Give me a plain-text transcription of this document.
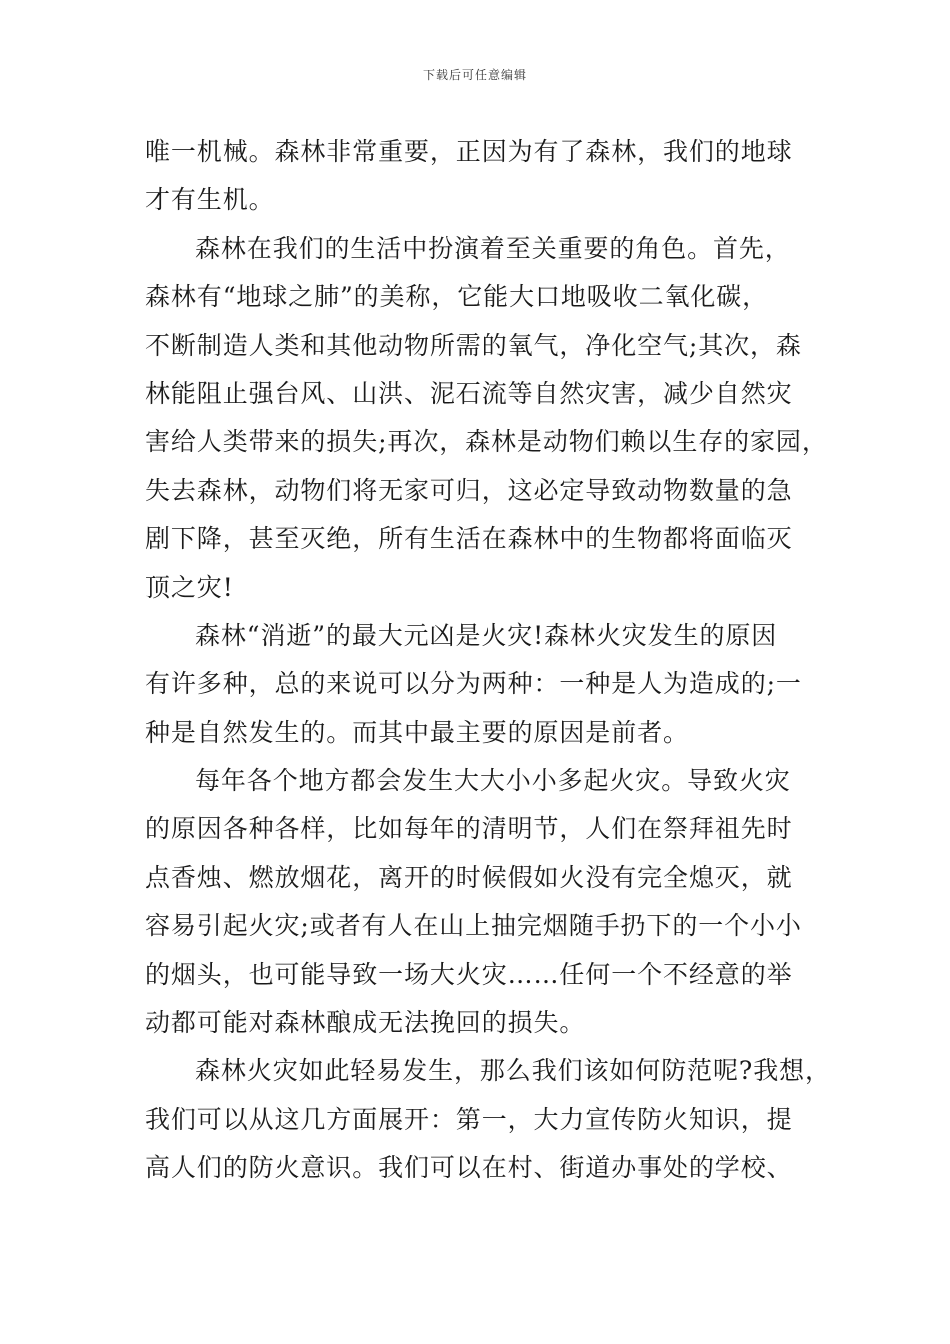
下载后可任意编辑
唯一机械。森林非常重要，正因为有了森林，我们的地球
才有生机。
森林在我们的生活中扮演着至关重要的角色。首先，
森林有“地球之肺”的美称，它能大口地吸收二氧化碳，
不断制造人类和其他动物所需的氧气，净化空气;其次，森
林能阻止强台风、山洪、泥石流等自然灾害，减少自然灾
害给人类带来的损失;再次，森林是动物们赖以生存的家园，
失去森林，动物们将无家可归，这必定导致动物数量的急
剧下降，甚至灭绝，所有生活在森林中的生物都将面临灭
顶之灾!
森林“消逝”的最大元凶是火灾!森林火灾发生的原因
有许多种，总的来说可以分为两种：一种是人为造成的;一
种是自然发生的。而其中最主要的原因是前者。
每年各个地方都会发生大大小小多起火灾。导致火灾
的原因各种各样，比如每年的清明节，人们在祭拜祖先时
点香烛、燃放烟花，离开的时候假如火没有完全熄灭，就
容易引起火灾;或者有人在山上抽完烟随手扔下的一个小小
的烟头，也可能导致一场大火灾……任何一个不经意的举
动都可能对森林酿成无法挽回的损失。
森林火灾如此轻易发生，那么我们该如何防范呢?我想，
我们可以从这几方面展开：第一，大力宣传防火知识，提
高人们的防火意识。我们可以在村、街道办事处的学校、
